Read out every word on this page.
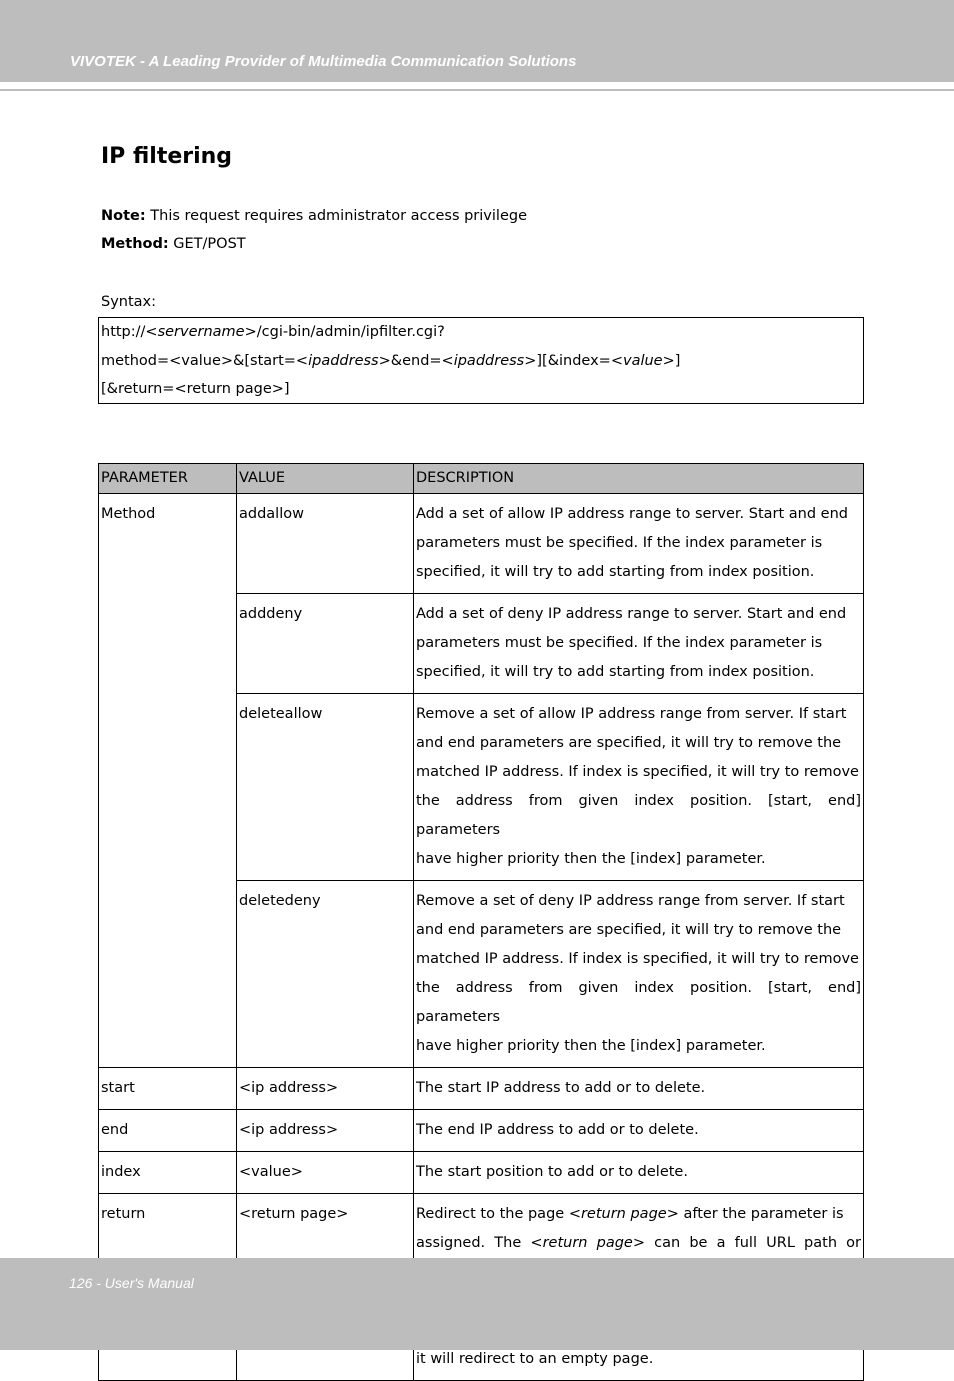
VIVOTEK - A Leading Provider of Multimedia Communication Solutions
IP filtering
Note: This request requires administrator access privilege
Method: GET/POST
Syntax:
http://<servername>/cgi-bin/admin/ipfilter.cgi?
method=<value>&[start=<ipaddress>&end=<ipaddress>][&index=<value>]
[&return=<return page>]
PARAMETER	VALUE	DESCRIPTION
Method	addallow	Add a set of allow IP address range to server. Start and end
parameters must be specified. If the index parameter is
specified, it will try to add starting from index position.

	adddeny	Add a set of deny IP address range to server. Start and end
parameters must be specified. If the index parameter is
specified, it will try to add starting from index position.

	deleteallow	Remove a set of allow IP address range from server. If start
and end parameters are specified, it will try to remove the
matched IP address. If index is specified, it will try to remove
the address from given index position. [start, end] parameters
have higher priority then the [index] parameter.

	deletedeny	Remove a set of deny IP address range from server. If start
and end parameters are specified, it will try to remove the
matched IP address. If index is specified, it will try to remove
the address from given index position. [start, end] parameters
have higher priority then the [index] parameter.

start	<ip address>	The start IP address to add or to delete.
end	<ip address>	The end IP address to add or to delete.
index	<value>	The start position to add or to delete.
return	<return page>	Redirect to the page <return page> after the parameter is
assigned. The <return page> can be a full URL path or
it will redirect to an empty page.
126 - User's Manual
